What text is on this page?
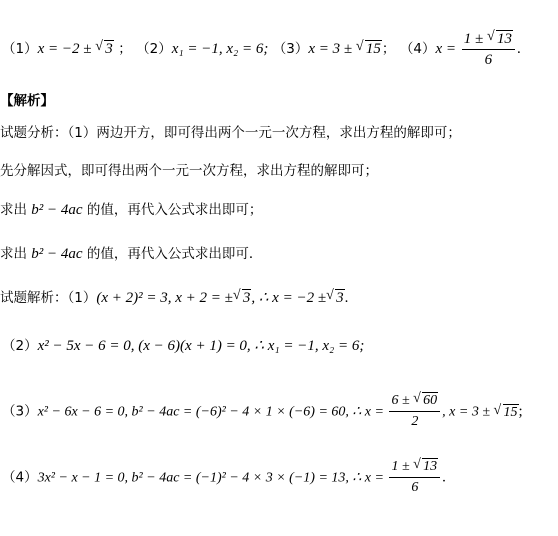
（1）x = −2 ± √ 3 ； （2）x₁ = −1, x₂ = 6; （3）x = 3 ± √ 15； $(4)x = \frac{1 \pm √ 13}{6}$ .
【解析】
试题分析：（1）两边开方，即可得出两个一元一次方程，求出方程的解即可；
先分解因式，即可得出两个一元一次方程，求出方程的解即可；
求出 b² − 4ac 的值，再代入公式求出即可；
求出 b² − 4ac 的值，再代入公式求出即可．
试题解析：（1）(x + 2)² = 3, x + 2 = ± √ 3, ∴ x = −2 ± √ 3.
（2）x² − 5x − 6 = 0, (x − 6)(x + 1) = 0, ∴ x₁ = −1, x₂ = 6;
（3）x² − 6x − 6 = 0, b² − 4ac = (−6)² − 4 × 1 × (−6) = 60, ∴ $x = \frac{6 \pm √ 60}{2}$ , x = 3 ± √ 15;
（4）3x² − x − 1 = 0, b² − 4ac = (−1)² − 4 × 3 × (−1) = 13, ∴ $x = \frac{1 \pm √ 13}{6}$ .
